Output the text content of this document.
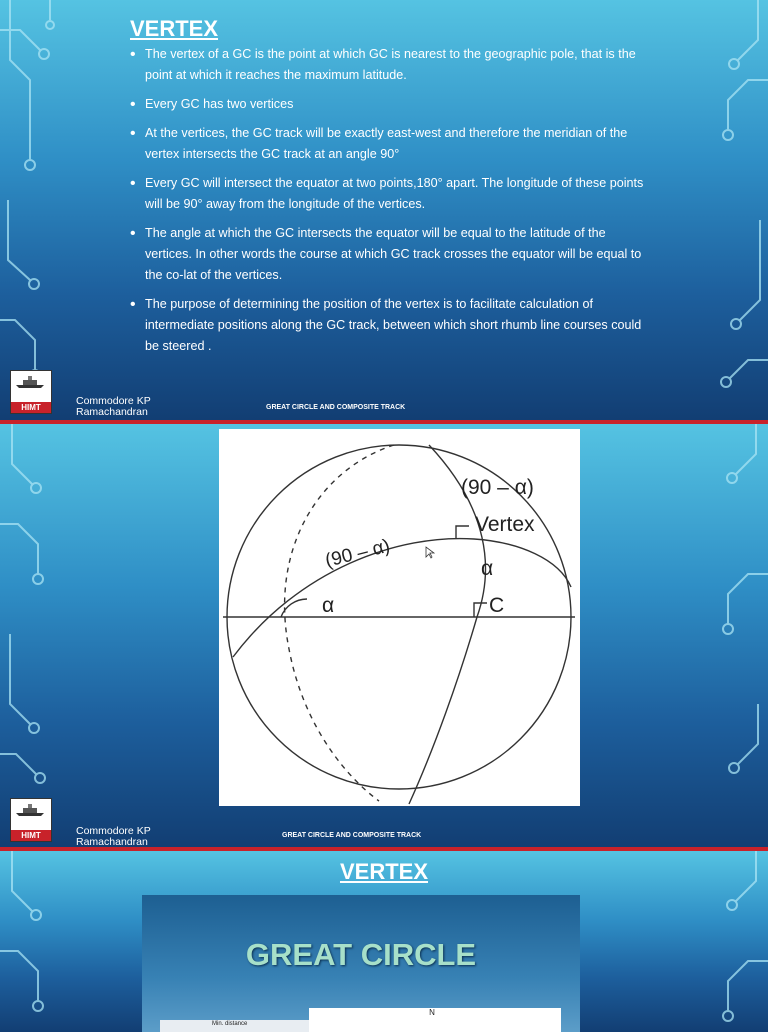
VERTEX
• The vertex of a GC is the point at which GC is nearest to the geographic pole, that is the point at which it reaches the maximum latitude.
• Every GC has two vertices
• At the vertices, the GC track will be exactly east-west and therefore the meridian of the vertex intersects the GC track at an angle 90°
• Every GC will intersect the equator at two points,180° apart. The longitude of these points will be 90° away from the longitude of the vertices.
• The angle at which the GC intersects the equator will be equal to the latitude of the vertices. In other words the course at which GC track crosses the equator will be equal to the co-lat of the vertices.
• The purpose of determining the position of the vertex is to facilitate calculation of intermediate positions along the GC track, between which short rhumb line courses could be steered .
HIMT
Commodore KP Ramachandran	GREAT CIRCLE AND COMPOSITE TRACK
(90 – α)
Vertex
(90 – α)	α
α	C
HIMT	Commodore KP Ramachandran
GREAT CIRCLE AND COMPOSITE TRACK
VERTEX
GREAT CIRCLE
Min. distance
N
